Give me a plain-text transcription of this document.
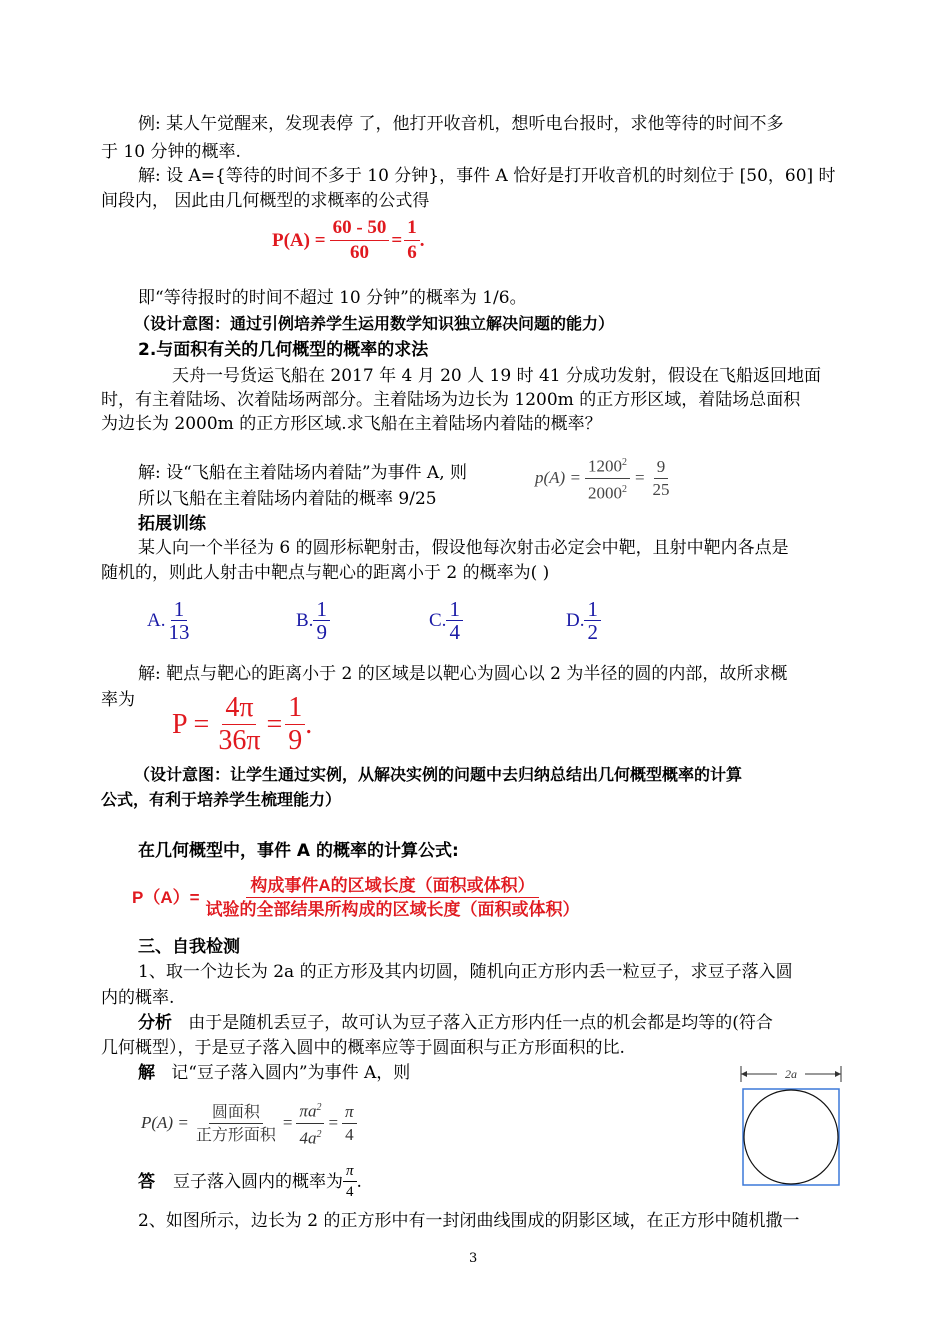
例: 某人午觉醒来，发现表停 了，他打开收音机，想听电台报时，求他等待的时间不多
于 10 分钟的概率.
解: 设 A={等待的时间不多于 10 分钟}，事件 A 恰好是打开收音机的时刻位于 [50，60] 时
间段内， 因此由几何概型的求概率的公式得
$P(A) = \frac{60 - 50}{60} = \frac{1}{6}$ .
即“等待报时的时间不超过 10 分钟”的概率为 1/6。
（设计意图：通过引例培养学生运用数学知识独立解决问题的能力）
2.与面积有关的几何概型的概率的求法
天舟一号货运飞船在 2017 年 4 月 20 人 19 时 41 分成功发射，假设在飞船返回地面
时，有主着陆场、次着陆场两部分。主着陆场为边长为 1200m 的正方形区域，着陆场总面积
为边长为 2000m 的正方形区域.求飞船在主着陆场内着陆的概率？
解: 设“飞船在主着陆场内着陆”为事件 A, 则
所以飞船在主着陆场内着陆的概率 9/25
$p(A) = \frac{1200^2}{2000^2} = \frac{9}{25}$
拓展训练
某人向一个半径为 6 的圆形标靶射击，假设他每次射击必定会中靶，且射中靶内各点是
随机的，则此人射击中靶点与靶心的距离小于 2 的概率为( )
A. $\frac{1}{13}$	B. $\frac{1}{9}$	C. $\frac{1}{4}$	D. $\frac{1}{2}$
解: 靶点与靶心的距离小于 2 的区域是以靶心为圆心以 2 为半径的圆的内部，故所求概
率为
$P = \frac{4\pi}{36\pi} = \frac{1}{9}$ .
（设计意图：让学生通过实例，从解决实例的问题中去归纳总结出几何概型概率的计算
公式，有利于培养学生梳理能力）
在几何概型中，事件 A 的概率的计算公式:
$P(A)= \frac{\text{构成事件A的区域长度（面积或体积）}}{\text{试验的全部结果所构成的区域长度（面积或体积）}}$
三、自我检测
1、取一个边长为 2a 的正方形及其内切圆，随机向正方形内丢一粒豆子，求豆子落入圆
内的概率.
分析 由于是随机丢豆子，故可认为豆子落入正方形内任一点的机会都是均等的(符合
几何概型），于是豆子落入圆中的概率应等于圆面积与正方形面积的比.
解 记“豆子落入圆内”为事件 A，则
$P(A) = \frac{\text{圆面积}}{\text{正方形面积}} = \frac{\pi a^2}{4a^2} = \frac{\pi}{4}$
答 豆子落入圆内的概率为 $\frac{\pi}{4}$ .
2a
2、如图所示，边长为 2 的正方形中有一封闭曲线围成的阴影区域，在正方形中随机撒一
3
